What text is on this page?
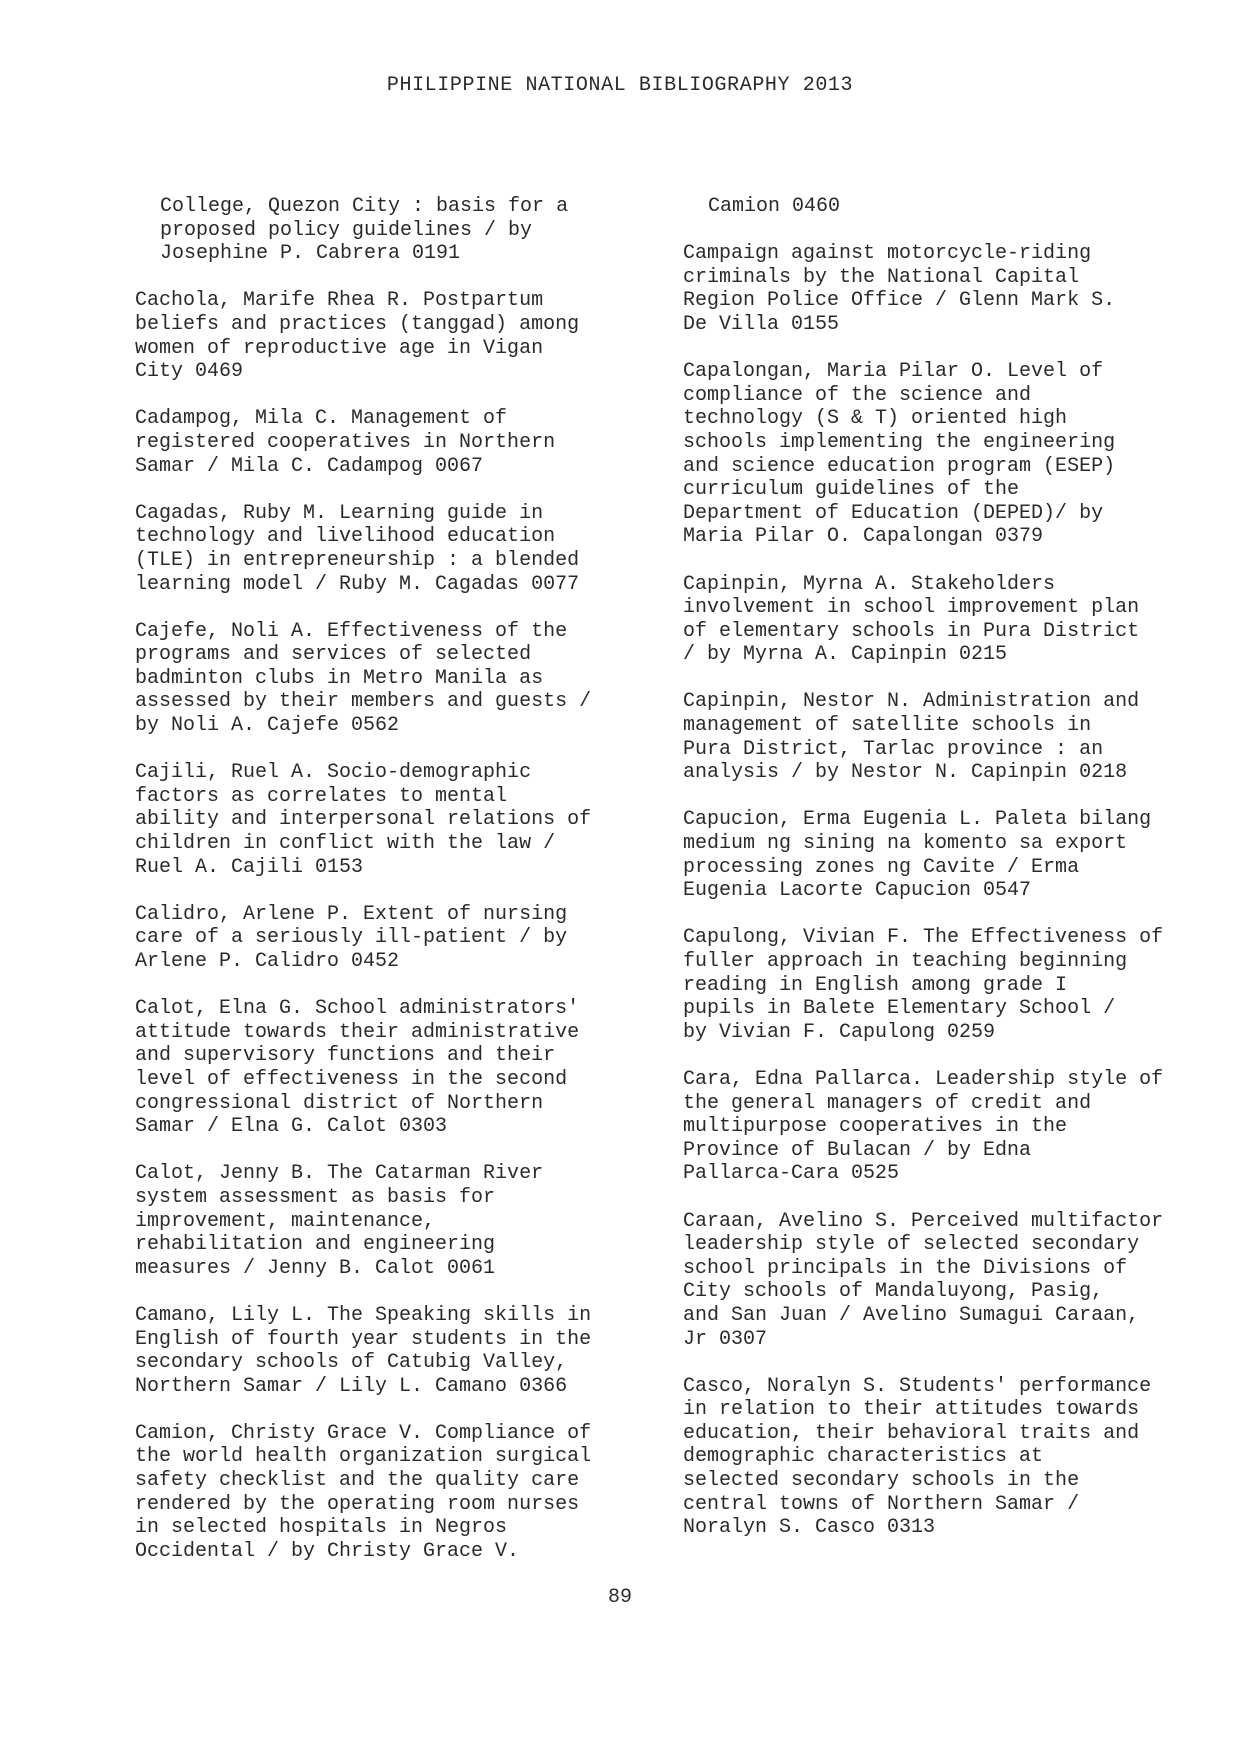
PHILIPPINE NATIONAL BIBLIOGRAPHY 2013
College, Quezon City : basis for a
proposed policy guidelines / by
Josephine P. Cabrera 0191
Cachola, Marife Rhea R. Postpartum
beliefs and practices (tanggad) among
women of reproductive age in Vigan
City 0469
Cadampog, Mila C. Management of
registered cooperatives in Northern
Samar / Mila C. Cadampog 0067
Cagadas, Ruby M. Learning guide in
technology and livelihood education
(TLE) in entrepreneurship : a blended
learning model / Ruby M. Cagadas 0077
Cajefe, Noli A. Effectiveness of the
programs and services of selected
badminton clubs in Metro Manila as
assessed by their members and guests /
by Noli A. Cajefe 0562
Cajili, Ruel A. Socio-demographic
factors as correlates to mental
ability and interpersonal relations of
children in conflict with the law /
Ruel A. Cajili 0153
Calidro, Arlene P. Extent of nursing
care of a seriously ill-patient / by
Arlene P. Calidro 0452
Calot, Elna G. School administrators'
attitude towards their administrative
and supervisory functions and their
level of effectiveness in the second
congressional district of Northern
Samar / Elna G. Calot 0303
Calot, Jenny B. The Catarman River
system assessment as basis for
improvement, maintenance,
rehabilitation and engineering
measures / Jenny B. Calot 0061
Camano, Lily L. The Speaking skills in
English of fourth year students in the
secondary schools of Catubig Valley,
Northern Samar / Lily L. Camano 0366
Camion, Christy Grace V. Compliance of
the world health organization surgical
safety checklist and the quality care
rendered by the operating room nurses
in selected hospitals in Negros
Occidental / by Christy Grace V.
Camion 0460
Campaign against motorcycle-riding
criminals by the National Capital
Region Police Office / Glenn Mark S.
De Villa 0155
Capalongan, Maria Pilar O. Level of
compliance of the science and
technology (S & T) oriented high
schools implementing the engineering
and science education program (ESEP)
curriculum guidelines of the
Department of Education (DEPED)/ by
Maria Pilar O. Capalongan 0379
Capinpin, Myrna A. Stakeholders
involvement in school improvement plan
of elementary schools in Pura District
/ by Myrna A. Capinpin 0215
Capinpin, Nestor N. Administration and
management of satellite schools in
Pura District, Tarlac province : an
analysis / by Nestor N. Capinpin 0218
Capucion, Erma Eugenia L. Paleta bilang
medium ng sining na komento sa export
processing zones ng Cavite / Erma
Eugenia Lacorte Capucion 0547
Capulong, Vivian F. The Effectiveness of
fuller approach in teaching beginning
reading in English among grade I
pupils in Balete Elementary School /
by Vivian F. Capulong 0259
Cara, Edna Pallarca. Leadership style of
the general managers of credit and
multipurpose cooperatives in the
Province of Bulacan / by Edna
Pallarca-Cara 0525
Caraan, Avelino S. Perceived multifactor
leadership style of selected secondary
school principals in the Divisions of
City schools of Mandaluyong, Pasig,
and San Juan / Avelino Sumagui Caraan,
Jr 0307
Casco, Noralyn S. Students' performance
in relation to their attitudes towards
education, their behavioral traits and
demographic characteristics at
selected secondary schools in the
central towns of Northern Samar /
Noralyn S. Casco 0313
89
